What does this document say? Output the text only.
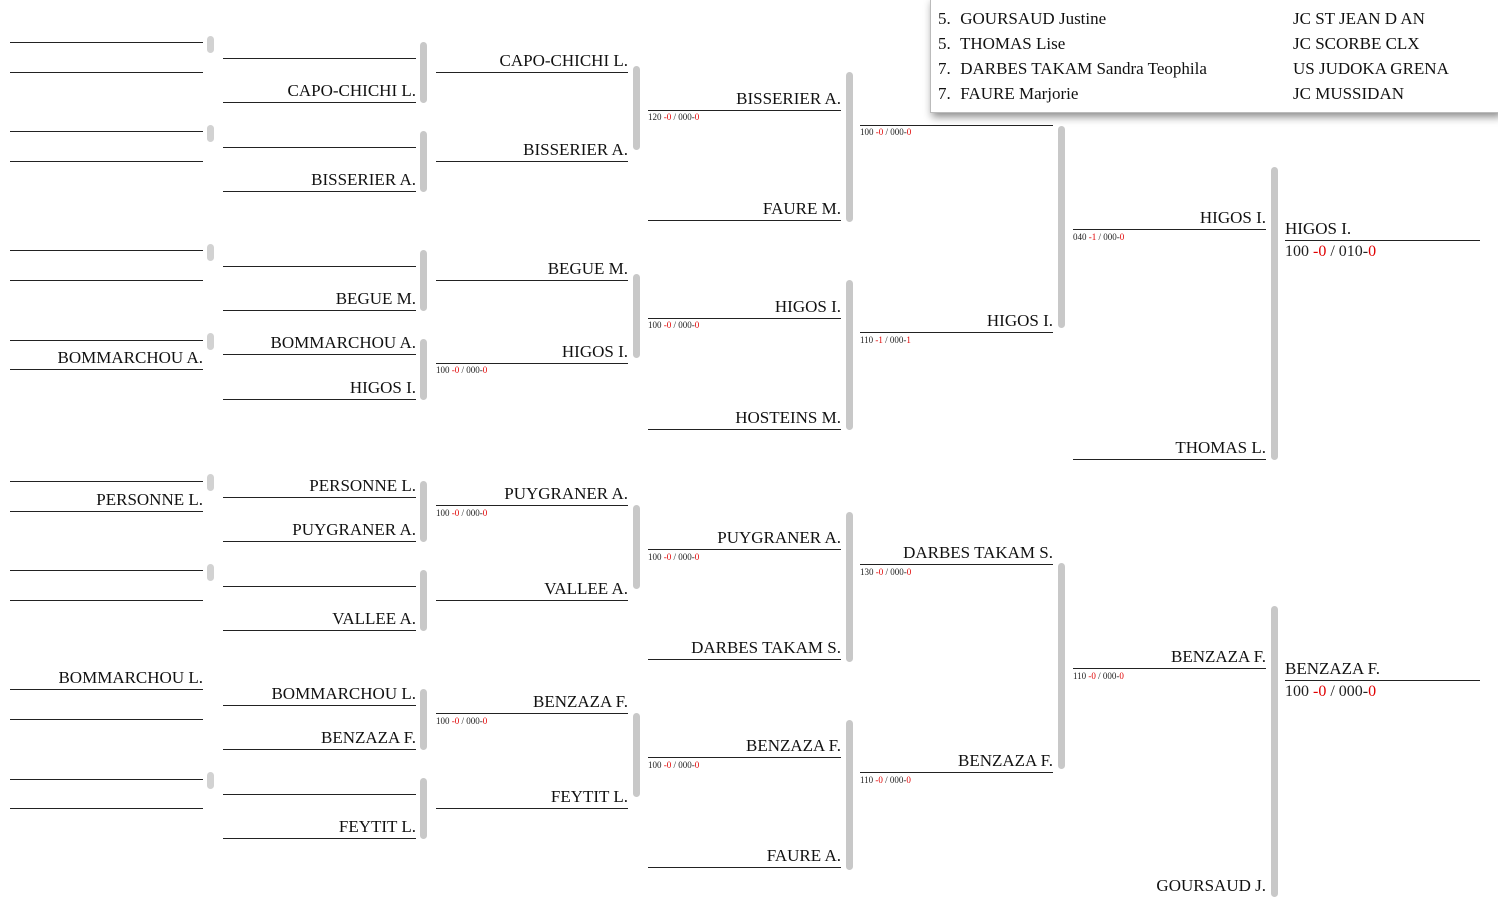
BOMMARCHOU A.
PERSONNE L.
BOMMARCHOU L.
CAPO-CHICHI L.
BISSERIER A.
BEGUE M.
BOMMARCHOU A.
HIGOS I.
PERSONNE L.
PUYGRANER A.
VALLEE A.
BOMMARCHOU L.
BENZAZA F.
FEYTIT L.
CAPO-CHICHI L.
BISSERIER A.
BEGUE M.
HIGOS I.
100 -0 / 000-0
PUYGRANER A.
100 -0 / 000-0
VALLEE A.
BENZAZA F.
100 -0 / 000-0
FEYTIT L.
BISSERIER A.
120 -0 / 000-0
FAURE M.
HIGOS I.
100 -0 / 000-0
HOSTEINS M.
PUYGRANER A.
100 -0 / 000-0
DARBES TAKAM S.
BENZAZA F.
100 -0 / 000-0
FAURE A.
100 -0 / 000-0
HIGOS I.
110 -1 / 000-1
DARBES TAKAM S.
130 -0 / 000-0
BENZAZA F.
110 -0 / 000-0
HIGOS I.
040 -1 / 000-0
THOMAS L.
BENZAZA F.
110 -0 / 000-0
GOURSAUD J.
HIGOS I.
100 -0 / 010-0
BENZAZA F.
100 -0 / 000-0
5. GOURSAUD Justine	JC ST JEAN D AN
5. THOMAS Lise	JC SCORBE CLX
7. DARBES TAKAM Sandra Teophila	US JUDOKA GRENA
7. FAURE Marjorie	JC MUSSIDAN
